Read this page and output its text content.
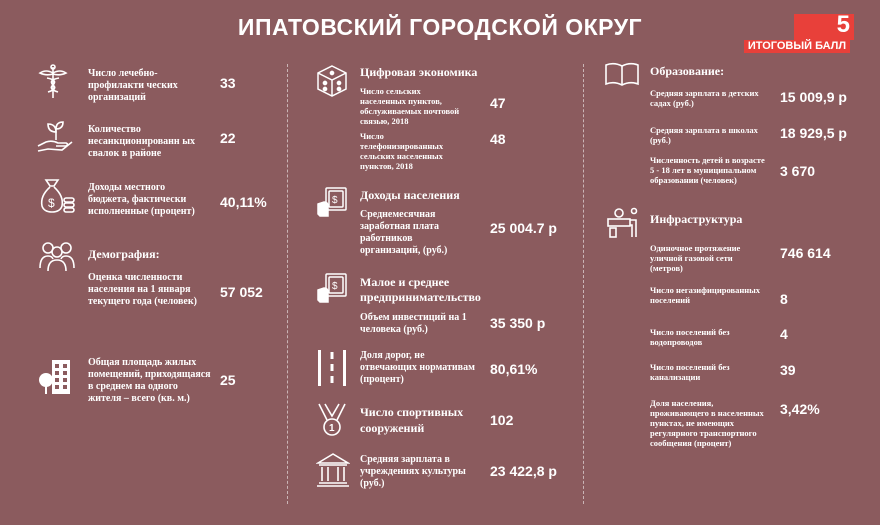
ИПАТОВСКИЙ ГОРОДСКОЙ ОКРУГ	5
ИТОГОВЫЙ БАЛЛ
Число лечебно-профилакти ческих организаций
33
Количество несанкционированн ых свалок в районе
22
$
Доходы местного бюджета, фактически исполненные (процент)
40,11%
Демография:
Оценка численности населения на 1 января текущего года (человек)
57 052
Общая площадь жилых помещений, приходящаяся в среднем на одного жителя – всего (кв. м.)
25
Цифровая экономика
Число сельских населенных пунктов, обслуживаемых почтовой связью, 2018
47
Число телефонизированных сельских населенных пунктов, 2018
48
$ Доходы населения
Среднемесячная заработная плата работников организаций, (руб.)
25 004.7 р
$ Малое и среднее предпринимательство
Объем инвестиций на 1 человека (руб.)	35 350 р
Доля дорог, не отвечающих нормативам (процент)
80,61%
1
Число спортивных сооружений	102
Средняя зарплата в учреждениях культуры (руб.)
23 422,8 р
Образование:
Средняя зарплата в детских садах (руб.)	15 009,9 р
Средняя зарплата в школах (руб.)	18 929,5 р
Численность детей в возрасте 5 - 18 лет в муниципальном образовании (человек)
3 670
Инфраструктура
Одиночное протяжение уличной газовой сети (метров)
746 614
Число негазифицированных поселений	8
Число поселений без водопроводов	4
Число поселений без канализации	39
Доля населения, проживающего в населенных пунктах, не имеющих регулярного транспортного сообщения (процент)
3,42%
